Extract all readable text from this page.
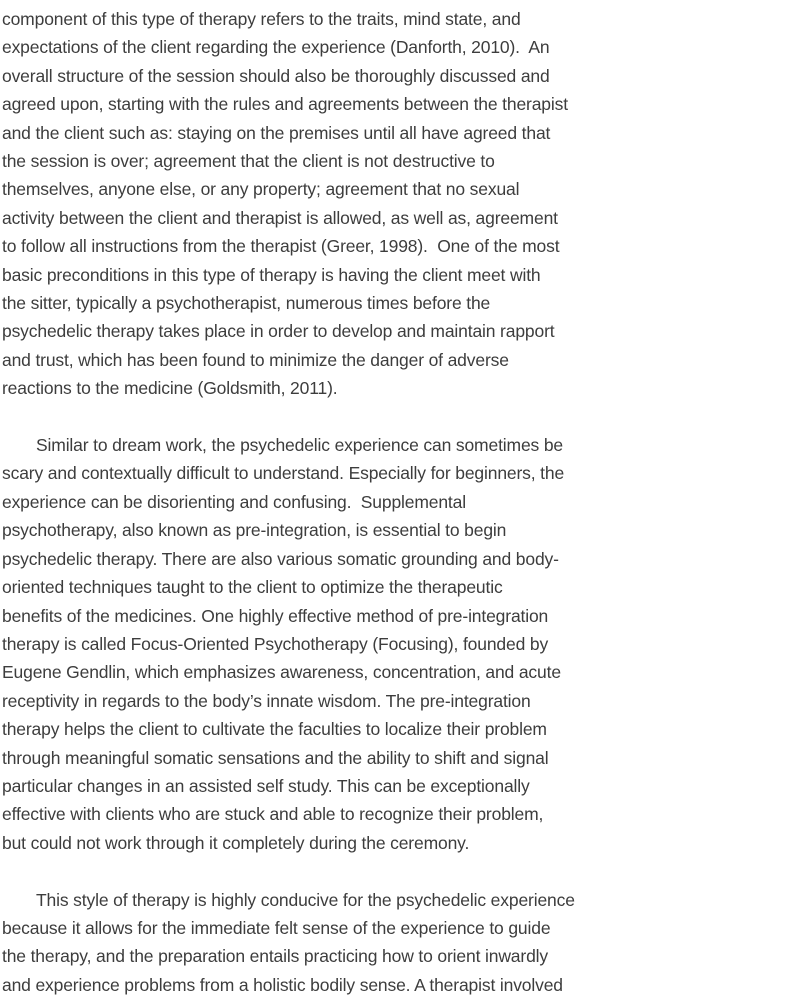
component of this type of therapy refers to the traits, mind state, and
expectations of the client regarding the experience (Danforth, 2010).  An
overall structure of the session should also be thoroughly discussed and
agreed upon, starting with the rules and agreements between the therapist
and the client such as: staying on the premises until all have agreed that
the session is over; agreement that the client is not destructive to
themselves, anyone else, or any property; agreement that no sexual
activity between the client and therapist is allowed, as well as, agreement
to follow all instructions from the therapist (Greer, 1998).  One of the most
basic preconditions in this type of therapy is having the client meet with
the sitter, typically a psychotherapist, numerous times before the
psychedelic therapy takes place in order to develop and maintain rapport
and trust, which has been found to minimize the danger of adverse
reactions to the medicine (Goldsmith, 2011).

Similar to dream work, the psychedelic experience can sometimes be
scary and contextually difficult to understand. Especially for beginners, the
experience can be disorienting and confusing.  Supplemental
psychotherapy, also known as pre-integration, is essential to begin
psychedelic therapy. There are also various somatic grounding and body-
oriented techniques taught to the client to optimize the therapeutic
benefits of the medicines. One highly effective method of pre-integration
therapy is called Focus-Oriented Psychotherapy (Focusing), founded by
Eugene Gendlin, which emphasizes awareness, concentration, and acute
receptivity in regards to the body’s innate wisdom. The pre-integration
therapy helps the client to cultivate the faculties to localize their problem
through meaningful somatic sensations and the ability to shift and signal
particular changes in an assisted self study. This can be exceptionally
effective with clients who are stuck and able to recognize their problem,
but could not work through it completely during the ceremony.

This style of therapy is highly conducive for the psychedelic experience
because it allows for the immediate felt sense of the experience to guide
the therapy, and the preparation entails practicing how to orient inwardly
and experience problems from a holistic bodily sense. A therapist involved
